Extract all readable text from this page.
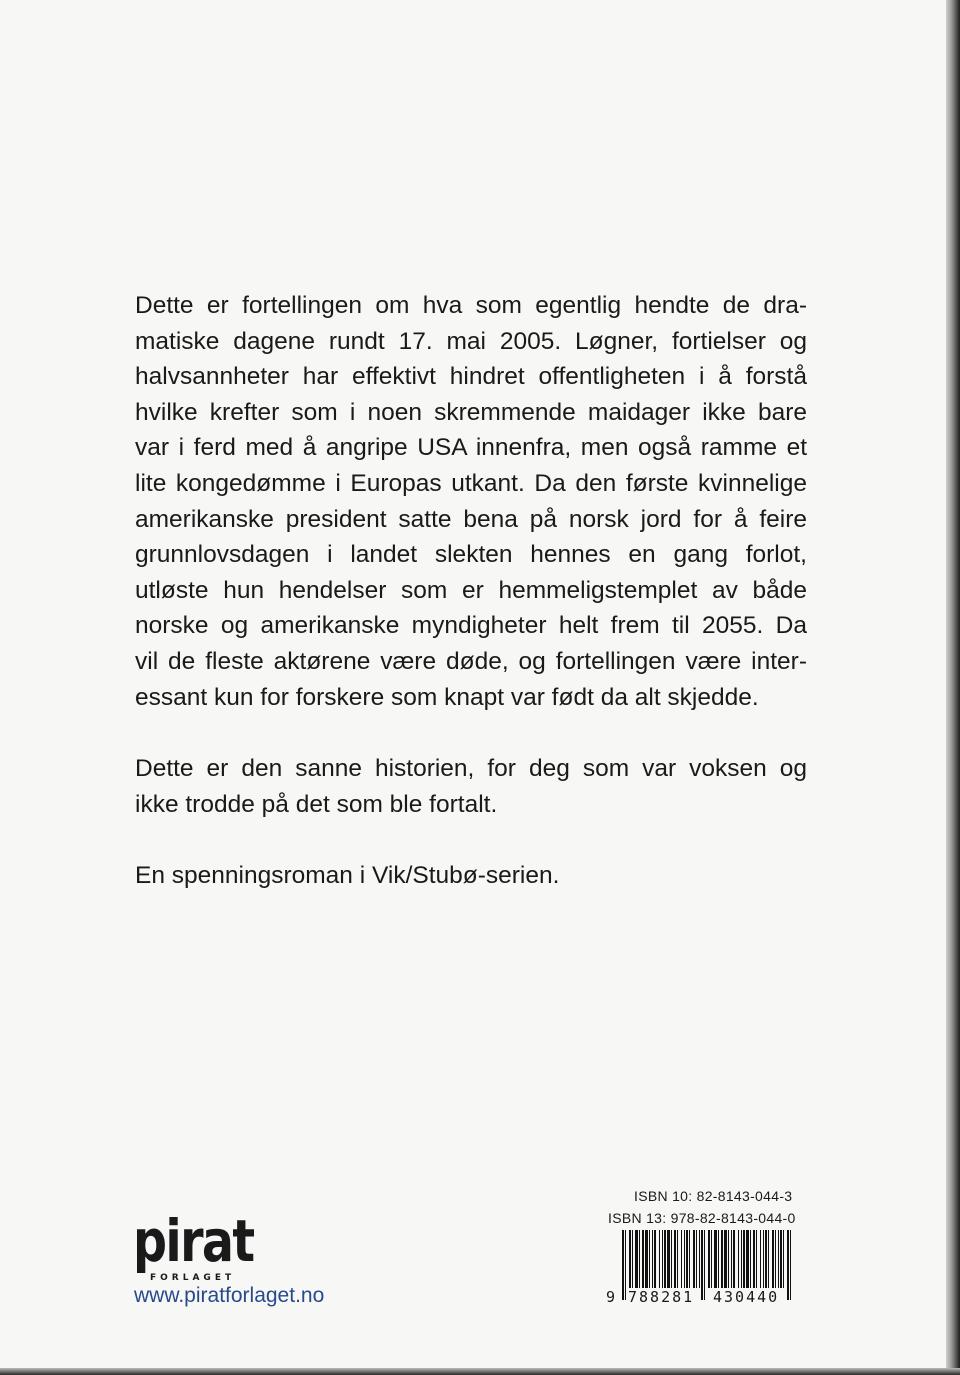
Dette er fortellingen om hva som egentlig hendte de dra-
matiske dagene rundt 17. mai 2005. Løgner, fortielser og
halvsannheter har effektivt hindret offentligheten i å forstå
hvilke krefter som i noen skremmende maidager ikke bare
var i ferd med å angripe USA innenfra, men også ramme et
lite kongedømme i Europas utkant. Da den første kvinnelige
amerikanske president satte bena på norsk jord for å feire
grunnlovsdagen i landet slekten hennes en gang forlot,
utløste hun hendelser som er hemmeligstemplet av både
norske og amerikanske myndigheter helt frem til 2055. Da
vil de fleste aktørene være døde, og fortellingen være inter-
essant kun for forskere som knapt var født da alt skjedde.

Dette er den sanne historien, for deg som var voksen og
ikke trodde på det som ble fortalt.

En spenningsroman i Vik/Stubø-serien.

pirat
FORLAGET
www.piratforlaget.no
ISBN 10: 82-8143-044-3
ISBN 13: 978-82-8143-044-0
9 788281 430440
